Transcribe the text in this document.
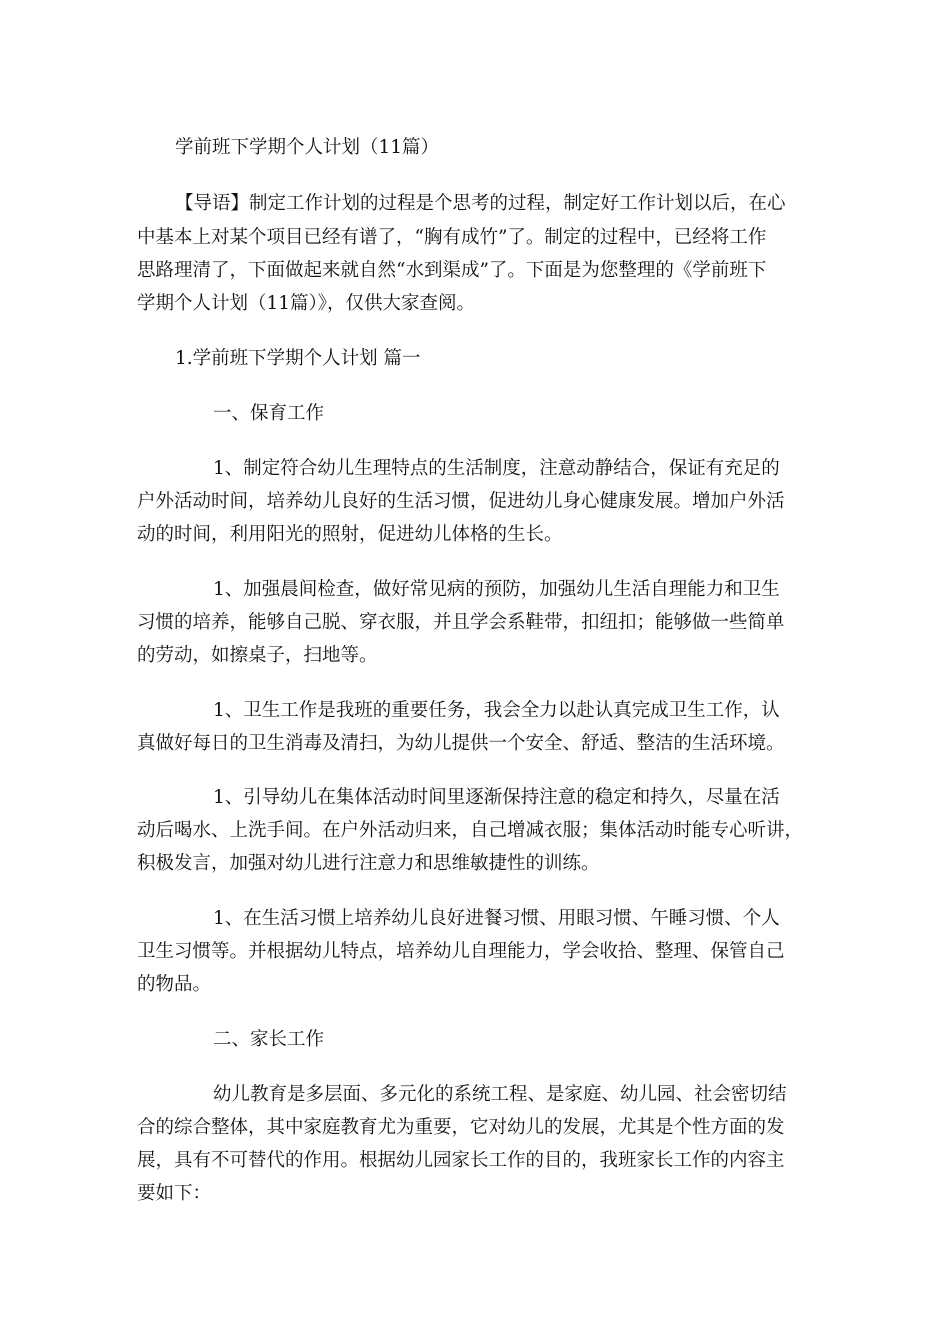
学前班下学期个人计划（11篇）
【导语】制定工作计划的过程是个思考的过程，制定好工作计划以后，在心
中基本上对某个项目已经有谱了，“胸有成竹”了。制定的过程中，已经将工作
思路理清了，下面做起来就自然“水到渠成”了。下面是为您整理的《学前班下
学期个人计划（11篇）》，仅供大家查阅。
1.学前班下学期个人计划 篇一
一、保育工作
1、制定符合幼儿生理特点的生活制度，注意动静结合，保证有充足的
户外活动时间，培养幼儿良好的生活习惯，促进幼儿身心健康发展。增加户外活
动的时间，利用阳光的照射，促进幼儿体格的生长。
1、加强晨间检查，做好常见病的预防，加强幼儿生活自理能力和卫生
习惯的培养，能够自己脱、穿衣服，并且学会系鞋带，扣纽扣；能够做一些简单
的劳动，如擦桌子，扫地等。
1、卫生工作是我班的重要任务，我会全力以赴认真完成卫生工作，认
真做好每日的卫生消毒及清扫，为幼儿提供一个安全、舒适、整洁的生活环境。
1、引导幼儿在集体活动时间里逐渐保持注意的稳定和持久，尽量在活
动后喝水、上洗手间。在户外活动归来，自己增减衣服；集体活动时能专心听讲，
积极发言，加强对幼儿进行注意力和思维敏捷性的训练。
1、在生活习惯上培养幼儿良好进餐习惯、用眼习惯、午睡习惯、个人
卫生习惯等。并根据幼儿特点，培养幼儿自理能力，学会收拾、整理、保管自己
的物品。
二、家长工作
幼儿教育是多层面、多元化的系统工程、是家庭、幼儿园、社会密切结
合的综合整体，其中家庭教育尤为重要，它对幼儿的发展，尤其是个性方面的发
展，具有不可替代的作用。根据幼儿园家长工作的目的，我班家长工作的内容主
要如下：
